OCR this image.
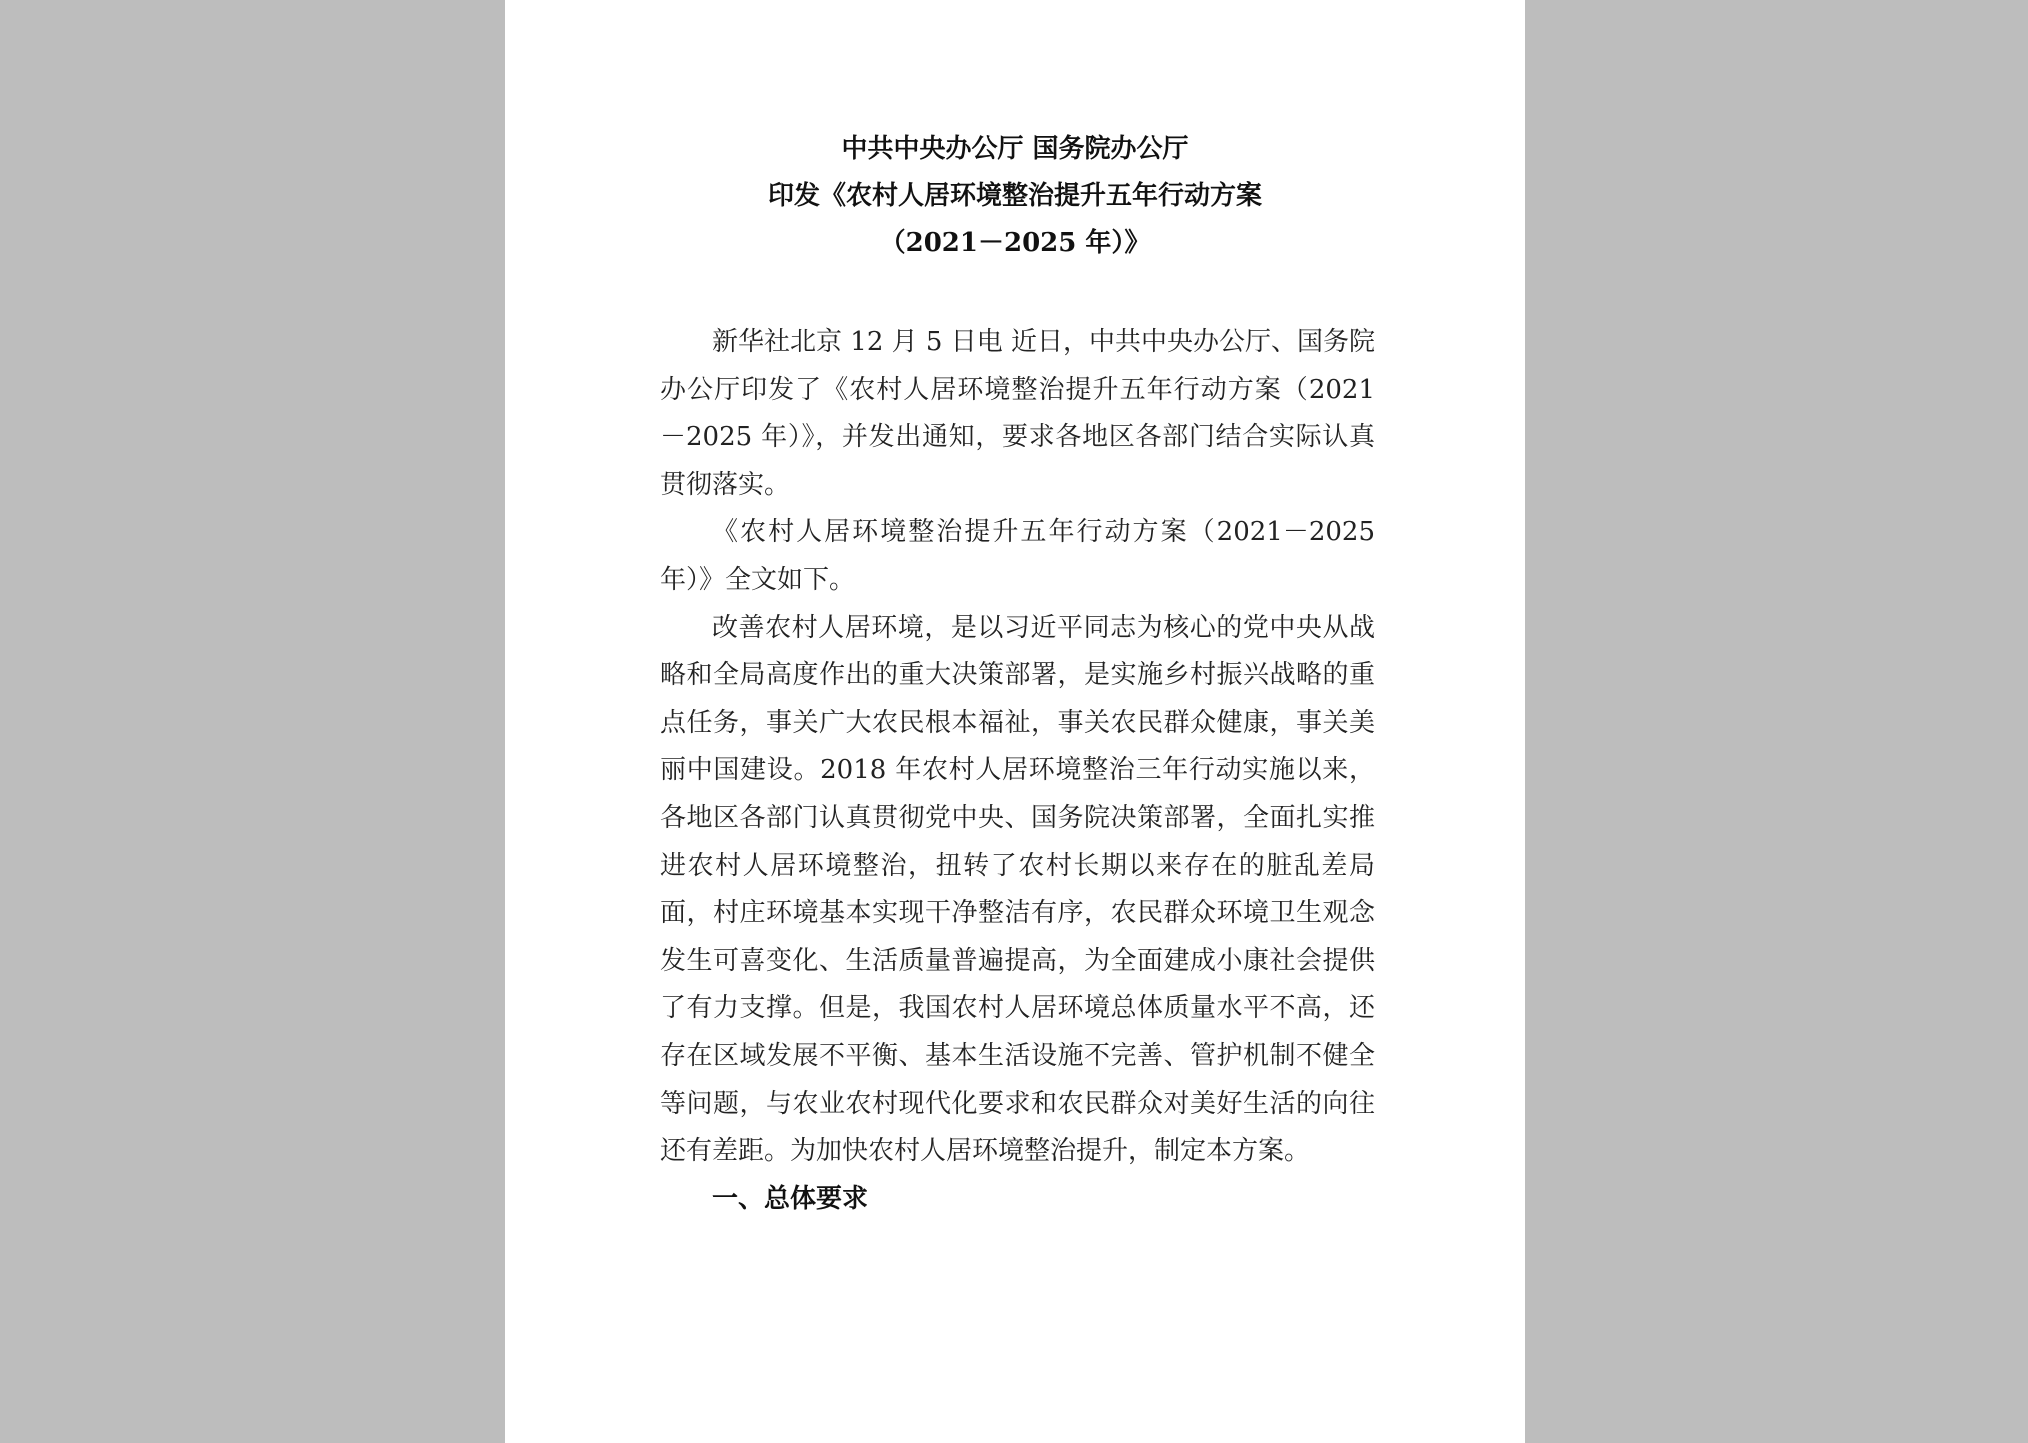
中共中央办公厅 国务院办公厅
印发《农村人居环境整治提升五年行动方案
（2021－2025 年）》

新华社北京 12 月 5 日电 近日，中共中央办公厅、国务院办公厅印发了《农村人居环境整治提升五年行动方案（2021－2025 年）》，并发出通知，要求各地区各部门结合实际认真贯彻落实。

《农村人居环境整治提升五年行动方案（2021－2025 年）》全文如下。

改善农村人居环境，是以习近平同志为核心的党中央从战略和全局高度作出的重大决策部署，是实施乡村振兴战略的重点任务，事关广大农民根本福祉，事关农民群众健康，事关美丽中国建设。2018 年农村人居环境整治三年行动实施以来，各地区各部门认真贯彻党中央、国务院决策部署，全面扎实推进农村人居环境整治，扭转了农村长期以来存在的脏乱差局面，村庄环境基本实现干净整洁有序，农民群众环境卫生观念发生可喜变化、生活质量普遍提高，为全面建成小康社会提供了有力支撑。但是，我国农村人居环境总体质量水平不高，还存在区域发展不平衡、基本生活设施不完善、管护机制不健全等问题，与农业农村现代化要求和农民群众对美好生活的向往还有差距。为加快农村人居环境整治提升，制定本方案。

一、总体要求
